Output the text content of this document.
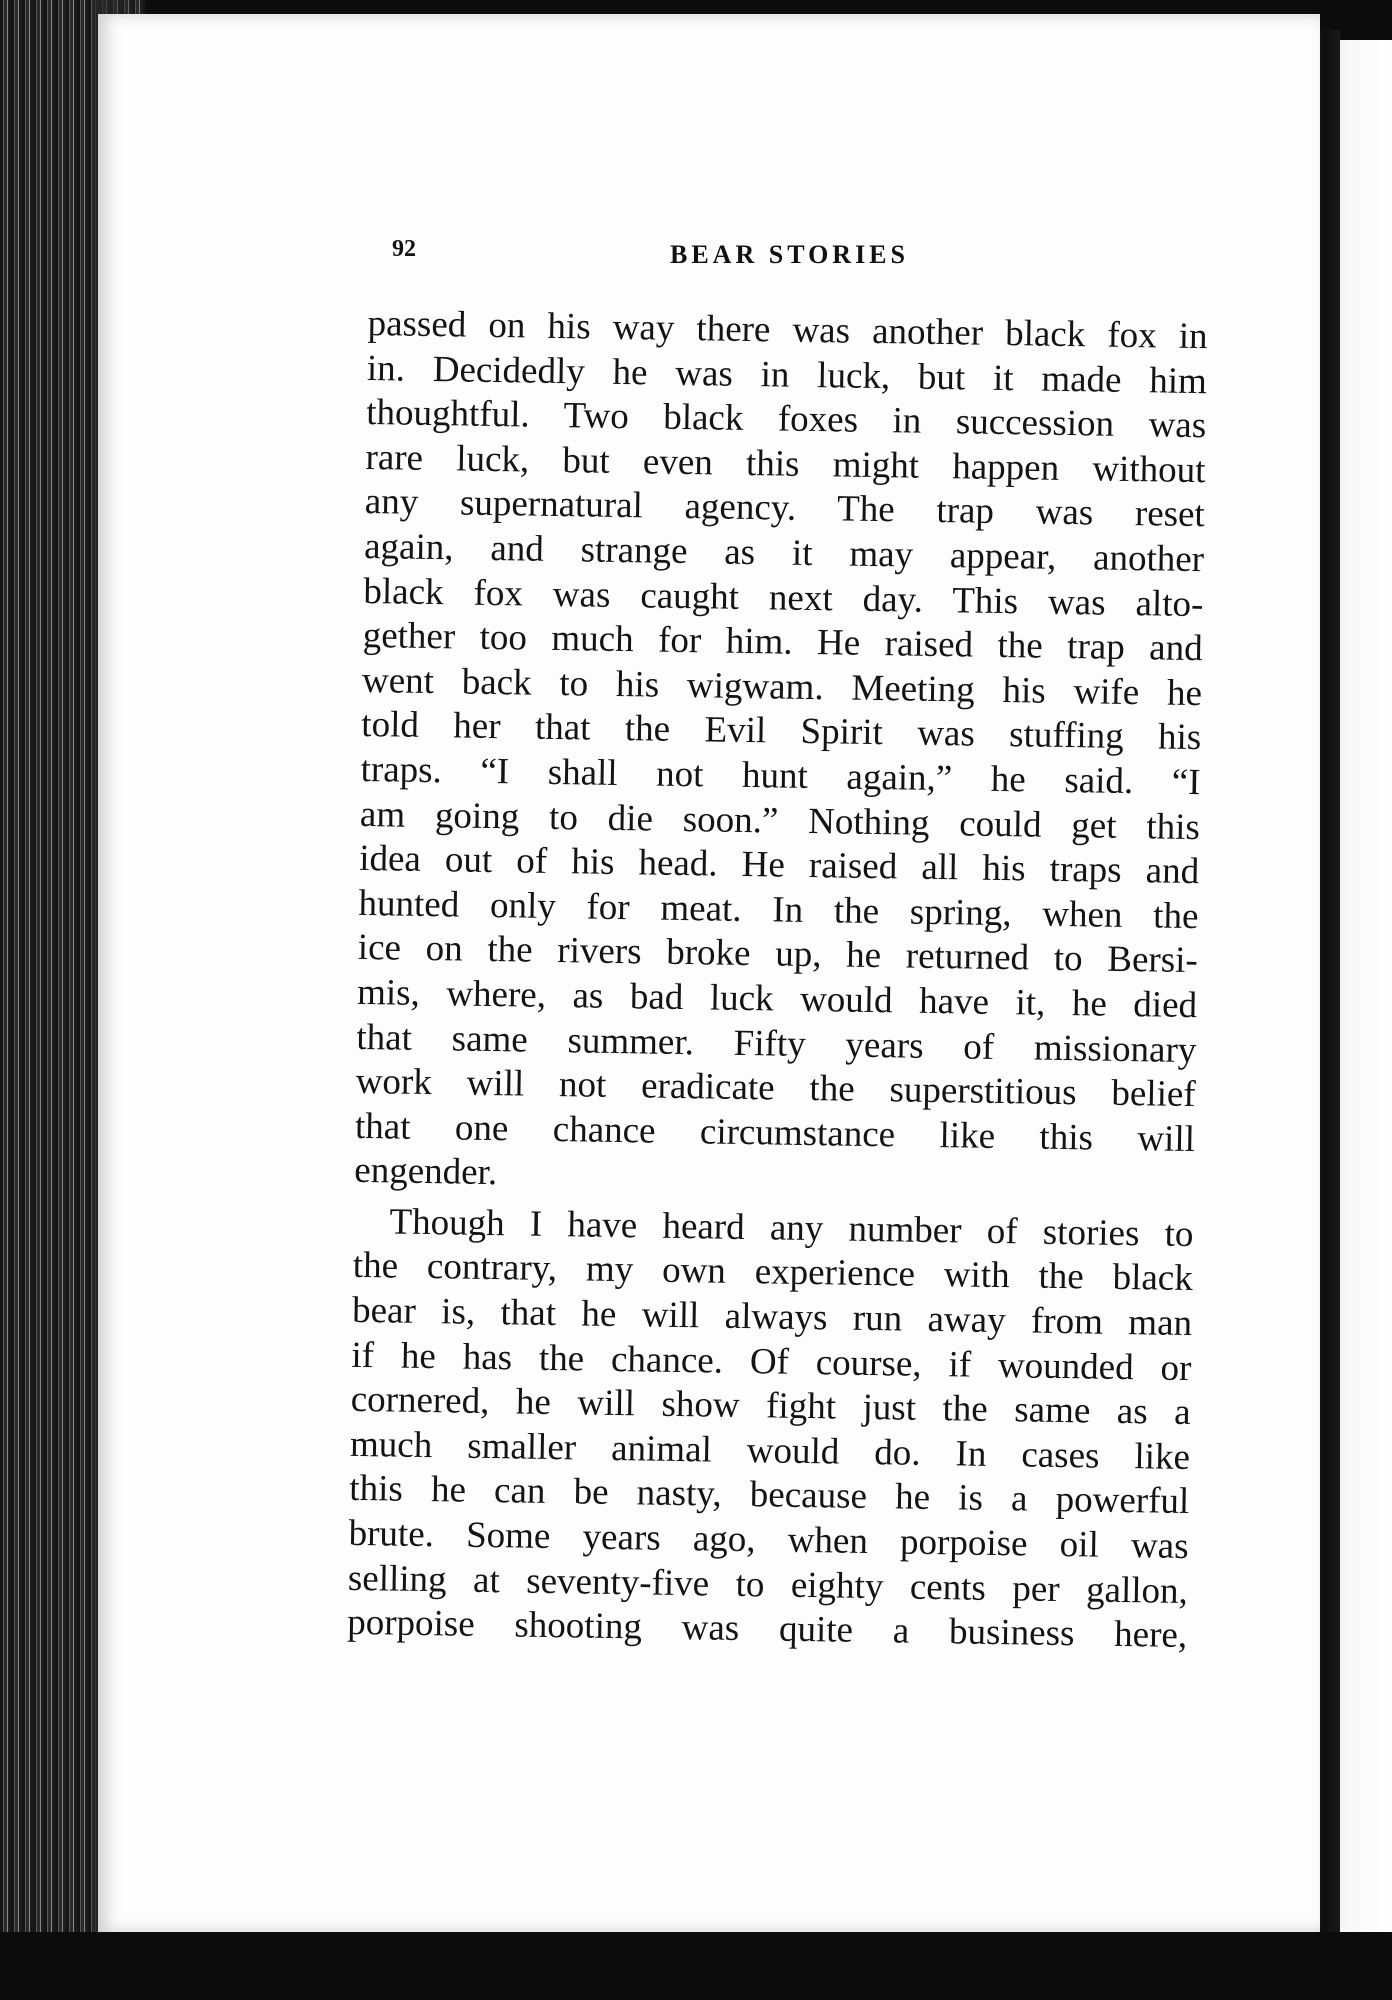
92	BEAR STORIES

passed on his way there was another black fox in
in. Decidedly he was in luck, but it made him
thoughtful. Two black foxes in succession was
rare luck, but even this might happen without
any supernatural agency. The trap was reset
again, and strange as it may appear, another
black fox was caught next day. This was alto-
gether too much for him. He raised the trap and
went back to his wigwam. Meeting his wife he
told her that the Evil Spirit was stuffing his
traps. “I shall not hunt again,” he said. “I
am going to die soon.” Nothing could get this
idea out of his head. He raised all his traps and
hunted only for meat. In the spring, when the
ice on the rivers broke up, he returned to Bersi-
mis, where, as bad luck would have it, he died
that same summer. Fifty years of missionary
work will not eradicate the superstitious belief
that one chance circumstance like this will
engender.

Though I have heard any number of stories to
the contrary, my own experience with the black
bear is, that he will always run away from man
if he has the chance. Of course, if wounded or
cornered, he will show fight just the same as a
much smaller animal would do. In cases like
this he can be nasty, because he is a powerful
brute. Some years ago, when porpoise oil was
selling at seventy-five to eighty cents per gallon,
porpoise shooting was quite a business here,
